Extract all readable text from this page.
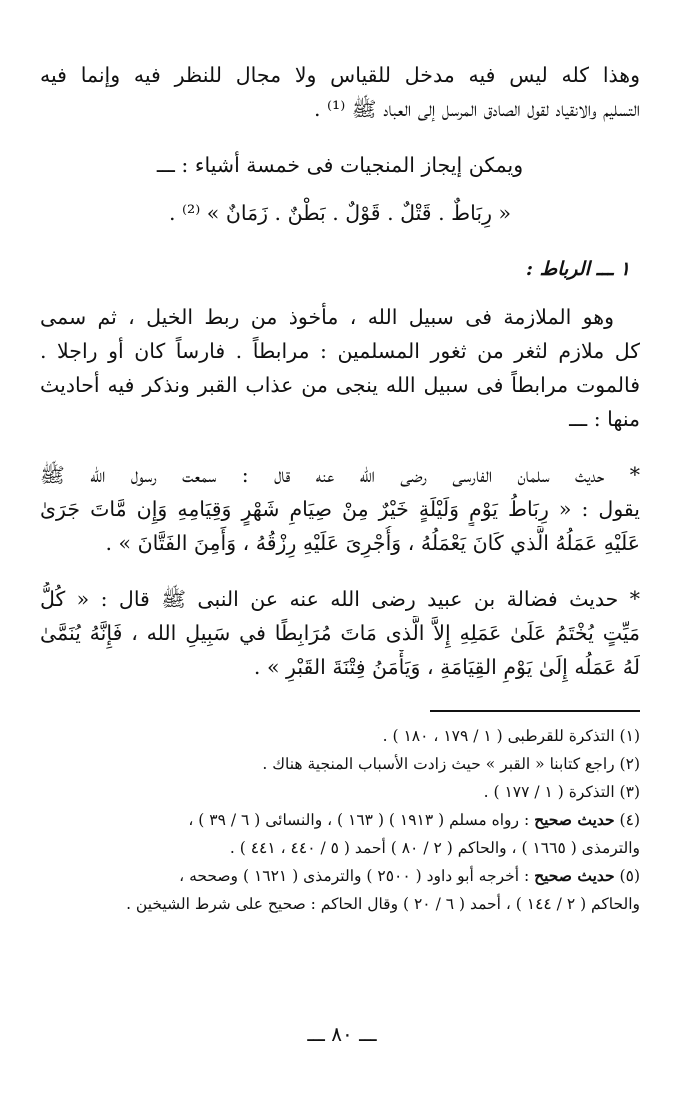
وهذا كله ليس فيه مدخل للقياس ولا مجال للنظر فيه وإنما فيه
التسليم والانقياد لقول الصادق المرسل إلى العباد ﷺ ⁽¹⁾ .
ويمكن إيجاز المنجيات فى خمسة أشياء : ـــ
« رِبَاطٌ . قَتْلٌ . قَوْلٌ . بَطْنٌ . زَمَانٌ » ⁽²⁾ .
١ ـــ الرباط :
وهو الملازمة فى سبيل الله ، مأخوذ من ربط الخيل ، ثم سمى
كل ملازم لثغر من ثغور المسلمين : مرابطاً . فارساً كان أو راجلا .
فالموت مرابطاً فى سبيل الله ينجى من عذاب القبر ونذكر فيه أحاديث
منها : ـــ
* حديث سلمان الفارسى رضى الله عنه قال : سمعت رسول الله ﷺ
يقول : « رِبَاطُ يَوْمٍ وَلَيْلَةٍ خَيْرٌ مِنْ صِيَامِ شَهْرٍ وَقِيَامِهِ وَإِن مَّاتَ جَرَىٰ
عَلَيْهِ عَمَلُهُ الَّذي كَانَ يَعْمَلُهُ ، وَأُجْرِىَ عَلَيْهِ رِزْقُهُ ، وَأَمِنَ الفَتَّانَ » .
* حديث فضالة بن عبيد رضى الله عنه عن النبى ﷺ قال : « كُلُّ
مَيِّتٍ يُخْتَمُ عَلَىٰ عَمَلِهِ إِلاَّ الَّذى مَاتَ مُرَابِطًا في سَبِيلِ الله ، فَإِنَّهُ يُنَمَّىٰ
لَهُ عَمَلُه إِلَىٰ يَوْمِ القِيَامَةِ ، وَيَأْمَنُ فِتْنَةَ القَبْرِ » .
(١) التذكرة للقرطبى ( ١ / ١٧٩ ، ١٨٠ ) .
(٢) راجع كتابنا « القبر » حيث زادت الأسباب المنجية هناك .
(٣) التذكرة ( ١ / ١٧٧ ) .
(٤) حديث صحيح : رواه مسلم ( ١٩١٣ ) ( ١٦٣ ) ، والنسائى ( ٦ / ٣٩ ) ،
والترمذى ( ١٦٦٥ ) ، والحاكم ( ٢ / ٨٠ ) أحمد ( ٥ / ٤٤٠ ، ٤٤١ ) .
(٥) حديث صحيح : أخرجه أبو داود ( ٢٥٠٠ ) والترمذى ( ١٦٢١ ) وصححه ،
والحاكم ( ٢ / ١٤٤ ) ، أحمد ( ٦ / ٢٠ ) وقال الحاكم : صحيح على شرط الشيخين .
ـــ ٨٠ ـــ
